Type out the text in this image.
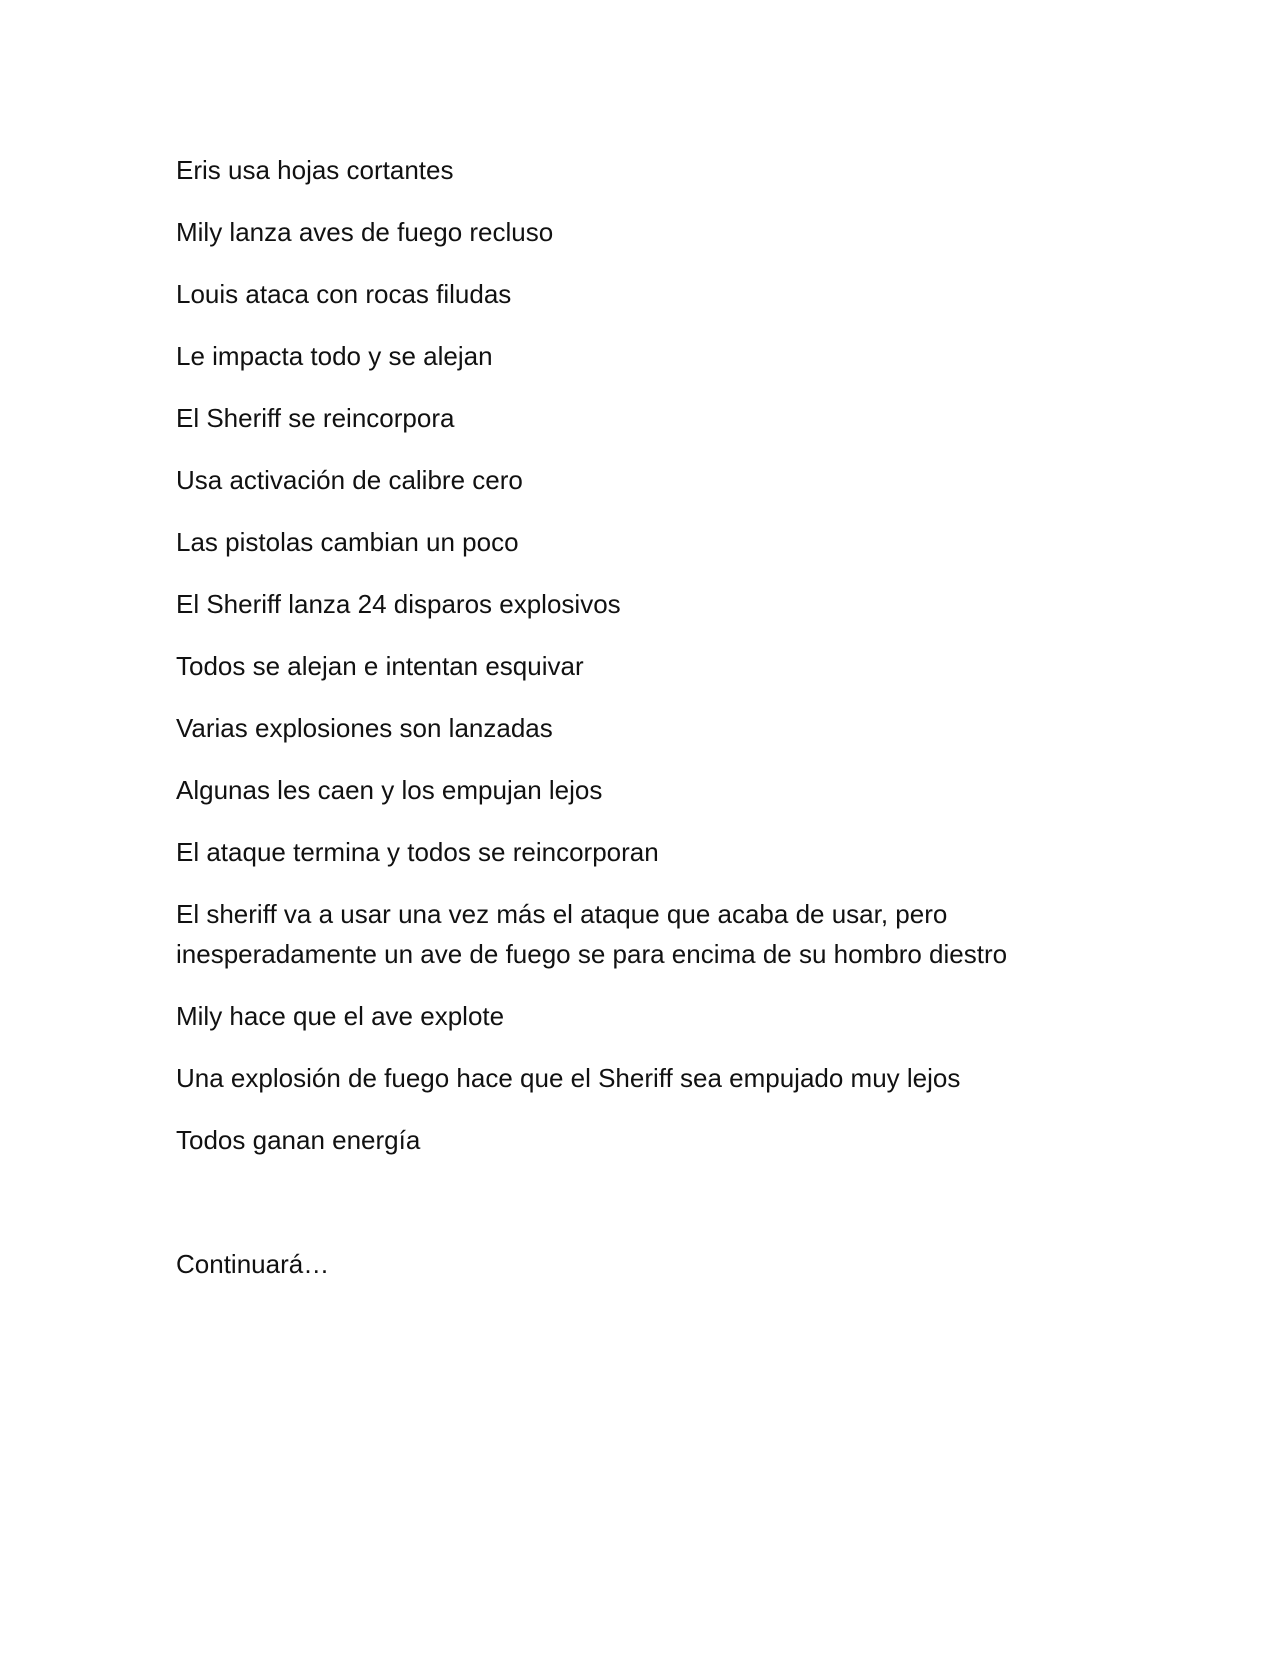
Eris usa hojas cortantes

Mily lanza aves de fuego recluso

Louis ataca con rocas filudas

Le impacta todo y se alejan

El Sheriff se reincorpora

Usa activación de calibre cero

Las pistolas cambian un poco

El Sheriff lanza 24 disparos explosivos

Todos se alejan e intentan esquivar

Varias explosiones son lanzadas

Algunas les caen y los empujan lejos

El ataque termina y todos se reincorporan

El sheriff va a usar una vez más el ataque que acaba de usar, pero inesperadamente un ave de fuego se para encima de su hombro diestro

Mily hace que el ave explote

Una explosión de fuego hace que el Sheriff sea empujado muy lejos

Todos ganan energía

Continuará…
